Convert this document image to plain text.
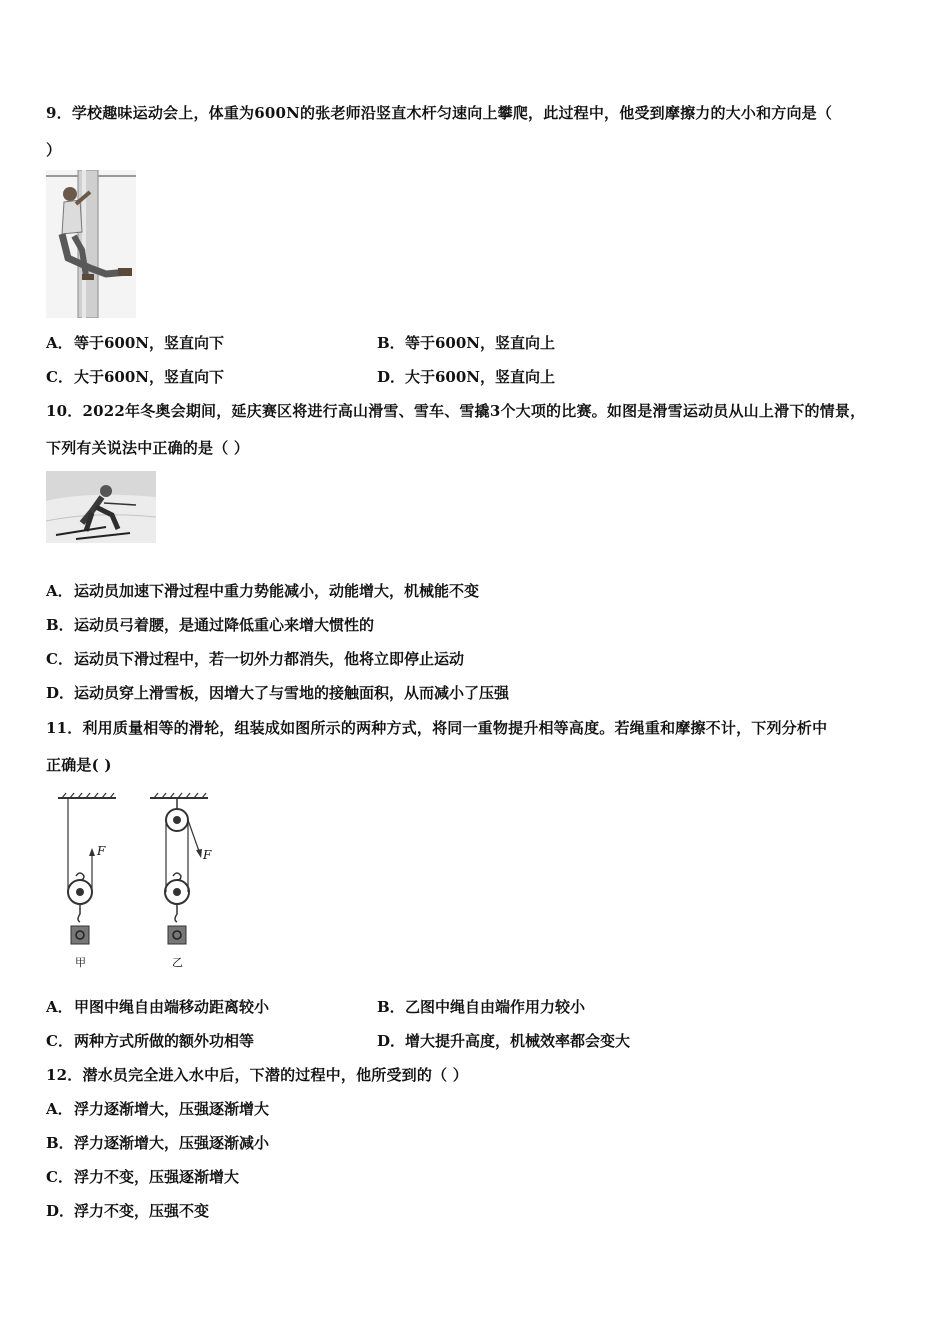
9．学校趣味运动会上，体重为600N的张老师沿竖直木杆匀速向上攀爬，此过程中，他受到摩擦力的大小和方向是（
）
A．等于600N，竖直向下	B．等于600N，竖直向上
C．大于600N，竖直向下	D．大于600N，竖直向上
10．2022年冬奥会期间，延庆赛区将进行高山滑雪、雪车、雪撬3个大项的比赛。如图是滑雪运动员从山上滑下的情景，
下列有关说法中正确的是（ ）
A．运动员加速下滑过程中重力势能减小，动能增大，机械能不变
B．运动员弓着腰，是通过降低重心来增大惯性的
C．运动员下滑过程中，若一切外力都消失，他将立即停止运动
D．运动员穿上滑雪板，因增大了与雪地的接触面积，从而减小了压强
11．利用质量相等的滑轮，组装成如图所示的两种方式，将同一重物提升相等高度。若绳重和摩擦不计，下列分析中
正确是( )
F	F
甲	乙
A．甲图中绳自由端移动距离较小	B．乙图中绳自由端作用力较小
C．两种方式所做的额外功相等	D．增大提升高度，机械效率都会变大
12．潜水员完全进入水中后，下潜的过程中，他所受到的（ ）
A．浮力逐渐增大，压强逐渐增大
B．浮力逐渐增大，压强逐渐减小
C．浮力不变，压强逐渐增大
D．浮力不变，压强不变
